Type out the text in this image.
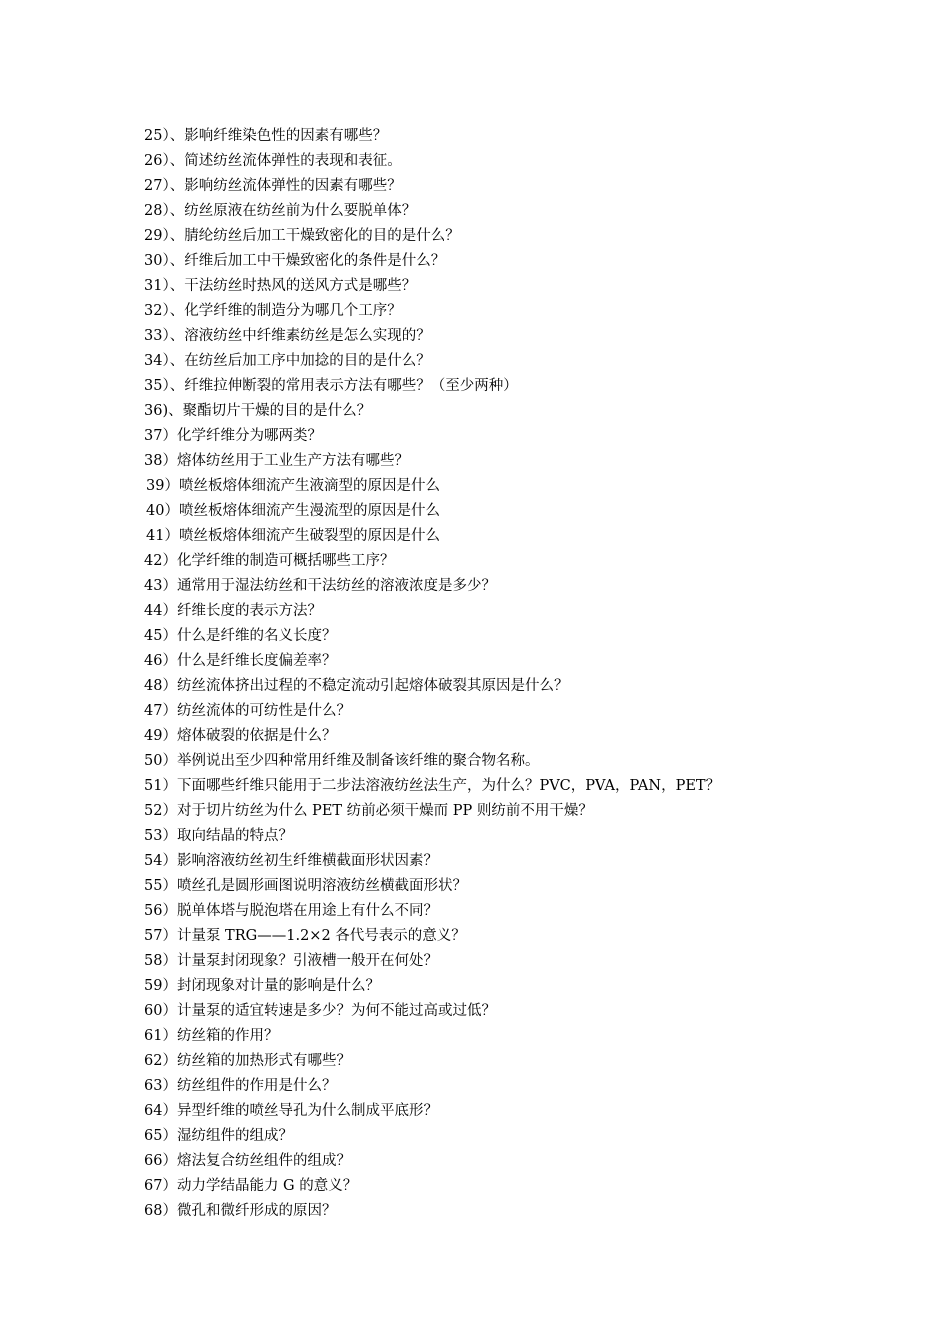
25）、影响纤维染色性的因素有哪些？
26）、简述纺丝流体弹性的表现和表征。
27）、影响纺丝流体弹性的因素有哪些？
28）、纺丝原液在纺丝前为什么要脱单体？
29）、腈纶纺丝后加工干燥致密化的目的是什么？
30）、纤维后加工中干燥致密化的条件是什么？
31）、干法纺丝时热风的送风方式是哪些？
32）、化学纤维的制造分为哪几个工序？
33）、溶液纺丝中纤维素纺丝是怎么实现的？
34）、在纺丝后加工序中加捻的目的是什么？
35）、纤维拉伸断裂的常用表示方法有哪些？（至少两种）
36)、聚酯切片干燥的目的是什么？
37）化学纤维分为哪两类？
38）熔体纺丝用于工业生产方法有哪些？
39）喷丝板熔体细流产生液滴型的原因是什么
40）喷丝板熔体细流产生漫流型的原因是什么
41）喷丝板熔体细流产生破裂型的原因是什么
42）化学纤维的制造可概括哪些工序？
43）通常用于湿法纺丝和干法纺丝的溶液浓度是多少？
44）纤维长度的表示方法？
45）什么是纤维的名义长度？
46）什么是纤维长度偏差率？
48）纺丝流体挤出过程的不稳定流动引起熔体破裂其原因是什么？
47）纺丝流体的可纺性是什么？
49）熔体破裂的依据是什么？
50）举例说出至少四种常用纤维及制备该纤维的聚合物名称。
51）下面哪些纤维只能用于二步法溶液纺丝法生产，为什么？PVC，PVA，PAN，PET？
52）对于切片纺丝为什么 PET 纺前必须干燥而 PP 则纺前不用干燥？
53）取向结晶的特点？
54）影响溶液纺丝初生纤维横截面形状因素？
55）喷丝孔是圆形画图说明溶液纺丝横截面形状？
56）脱单体塔与脱泡塔在用途上有什么不同？
57）计量泵 TRG——1.2×2 各代号表示的意义？
58）计量泵封闭现象？引液槽一般开在何处？
59）封闭现象对计量的影响是什么？
60）计量泵的适宜转速是多少？为何不能过高或过低？
61）纺丝箱的作用？
62）纺丝箱的加热形式有哪些？
63）纺丝组件的作用是什么？
64）异型纤维的喷丝导孔为什么制成平底形？
65）湿纺组件的组成？
66）熔法复合纺丝组件的组成？
67）动力学结晶能力 G 的意义？
68）微孔和微纤形成的原因？
